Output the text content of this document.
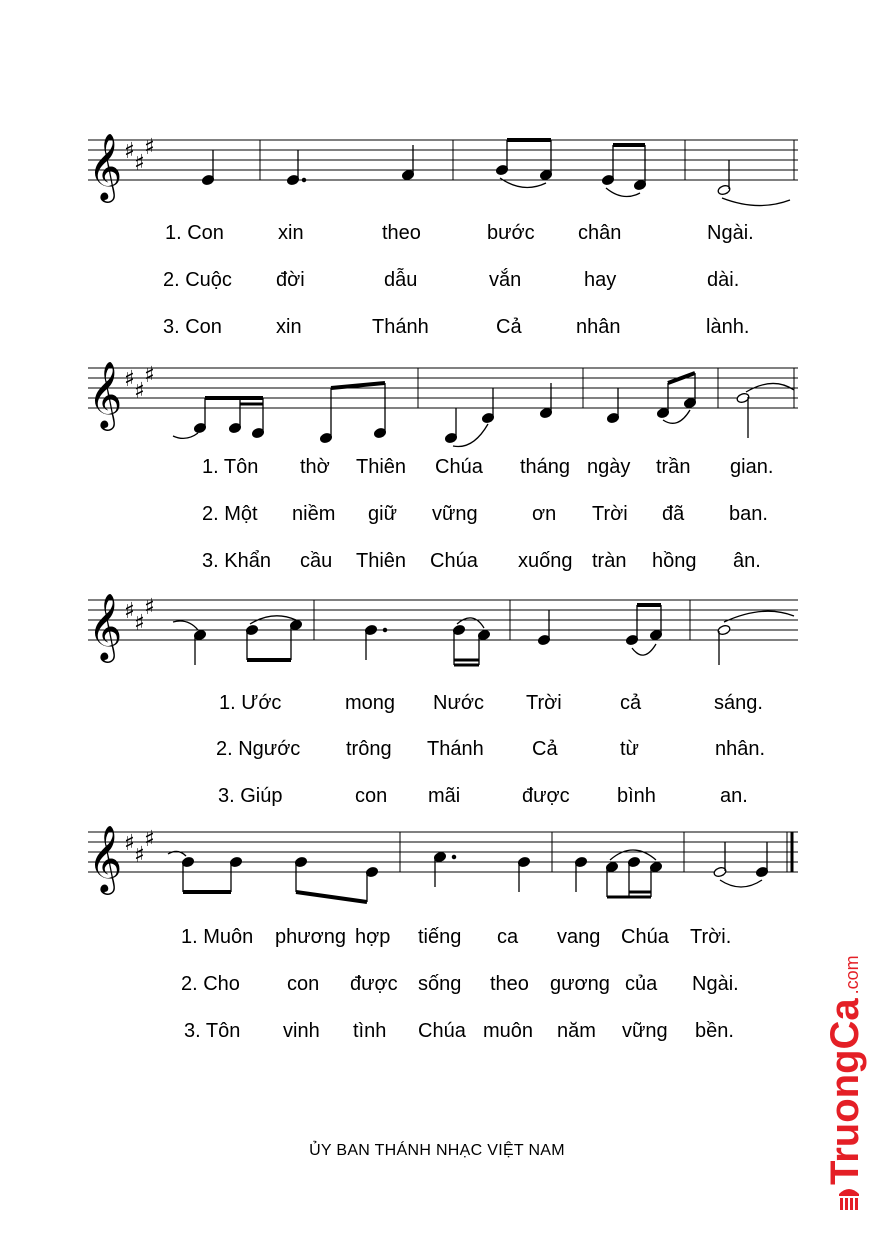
𝄞 ♯ ♯
♯
𝄞 ♯ ♯
♯
𝄞 ♯ ♯
♯
𝄞 ♯ ♯
♯
1. Con	xin	theo	bước chân	Ngài.
2. Cuộc đời	dẫu	vắn	hay	dài.
3. Con	xin	Thánh	Cả	nhân	lành.
1. Tôn thờ Thiên Chúa tháng ngày trần gian.
2. Một niềm giữ vững	ơn Trời đã ban.
3. Khẩn cầu Thiên Chúa xuống tràn hồng ân.
1. Ước	mong Nước Trời	cả	sáng.
2. Ngước trông Thánh Cả	từ	nhân.
3. Giúp	con mãi	được bình	an.
1. Muôn phương hợp tiếng ca vang Chúa Trời.
2. Cho con được sống theo gương của Ngài.
3. Tôn vinh tình Chúa muôn năm vững bền.
ỦY BAN THÁNH NHẠC VIỆT NAM	TruongCa.com
